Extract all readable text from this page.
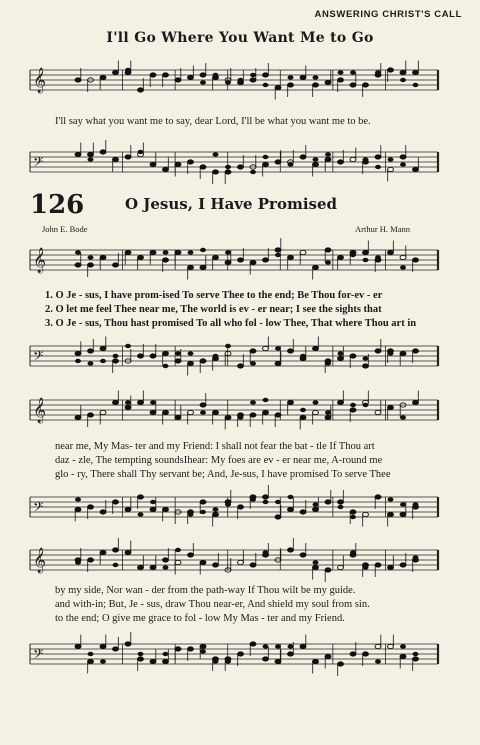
ANSWERING CHRIST'S CALL
I'll Go Where You Want Me to Go
I'll say what you want me to say, dear Lord, I'll be what you want me to be.
126	O Jesus, I Have Promised
John E. Bode	Arthur H. Mann
1. O Je - sus, I have prom-ised To serve Thee to the end; Be Thou for-ev - er
2. O let me feel Thee near me, The world is ev - er near; I see the sights that
3. O Je - sus, Thou hast promised To all who fol - low Thee, That where Thou art in
near me, My Mas- ter and my Friend: I shall not fear the bat - tle If Thou art
daz - zle, The tempting soundsIhear: My foes are ev - er near me, A-round me
glo - ry, There shall Thy servant be; And, Je-sus, I have promised To serve Thee
by my side, Nor wan - der from the path-way If Thou wilt be my guide.
and with-in; But, Je - sus, draw Thou near-er, And shield my soul from sin.
to the end; O give me grace to fol - low My Mas - ter and my Friend.
𝄞
𝄢
𝄞
𝄢
𝄞
𝄢
𝄞
𝄢
